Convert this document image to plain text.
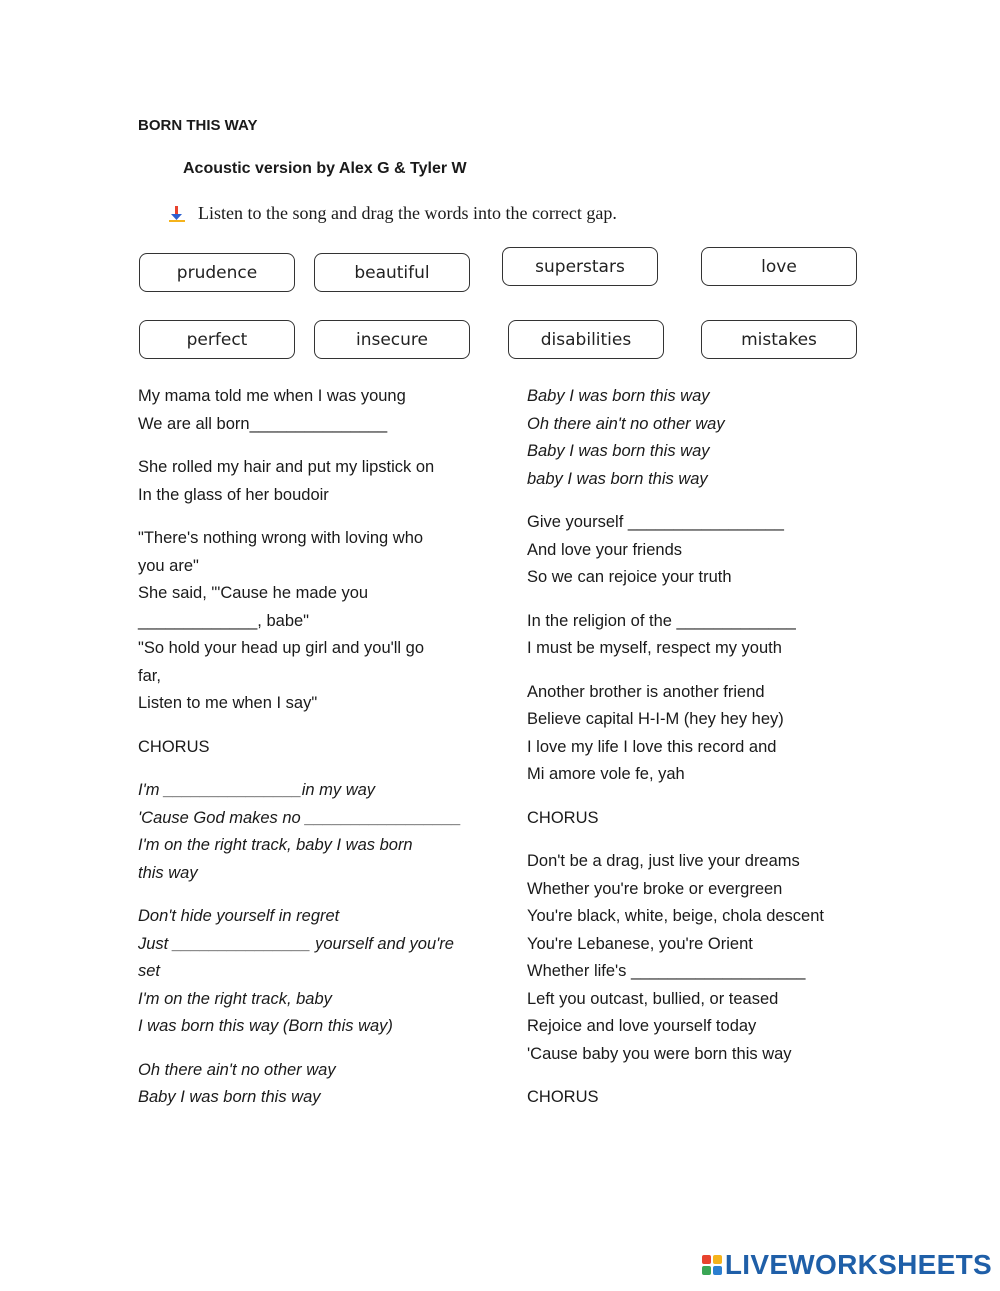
BORN THIS WAY
Acoustic version by Alex G & Tyler W
Listen to the song and drag the words into the correct gap.
prudence	beautiful	superstars	love
perfect	insecure	disabilities	mistakes

My mama told me when I was young
We are all born_______________

She rolled my hair and put my lipstick on
In the glass of her boudoir

"There's nothing wrong with loving who
you are"
She said, "'Cause he made you
_____________, babe"
"So hold your head up girl and you'll go
far,
Listen to me when I say"

CHORUS

I'm _______________in my way
'Cause God makes no _________________
I'm on the right track, baby I was born
this way

Don't hide yourself in regret
Just _______________ yourself and you're
set
I'm on the right track, baby
I was born this way (Born this way)

Oh there ain't no other way
Baby I was born this way

Baby I was born this way
Oh there ain't no other way
Baby I was born this way
baby I was born this way

Give yourself _________________
And love your friends
So we can rejoice your truth

In the religion of the _____________
I must be myself, respect my youth

Another brother is another friend
Believe capital H-I-M (hey hey hey)
I love my life I love this record and
Mi amore vole fe, yah

CHORUS

Don't be a drag, just live your dreams
Whether you're broke or evergreen
You're black, white, beige, chola descent
You're Lebanese, you're Orient
Whether life's ___________________
Left you outcast, bullied, or teased
Rejoice and love yourself today
'Cause baby you were born this way

CHORUS

LIVEWORKSHEETS
